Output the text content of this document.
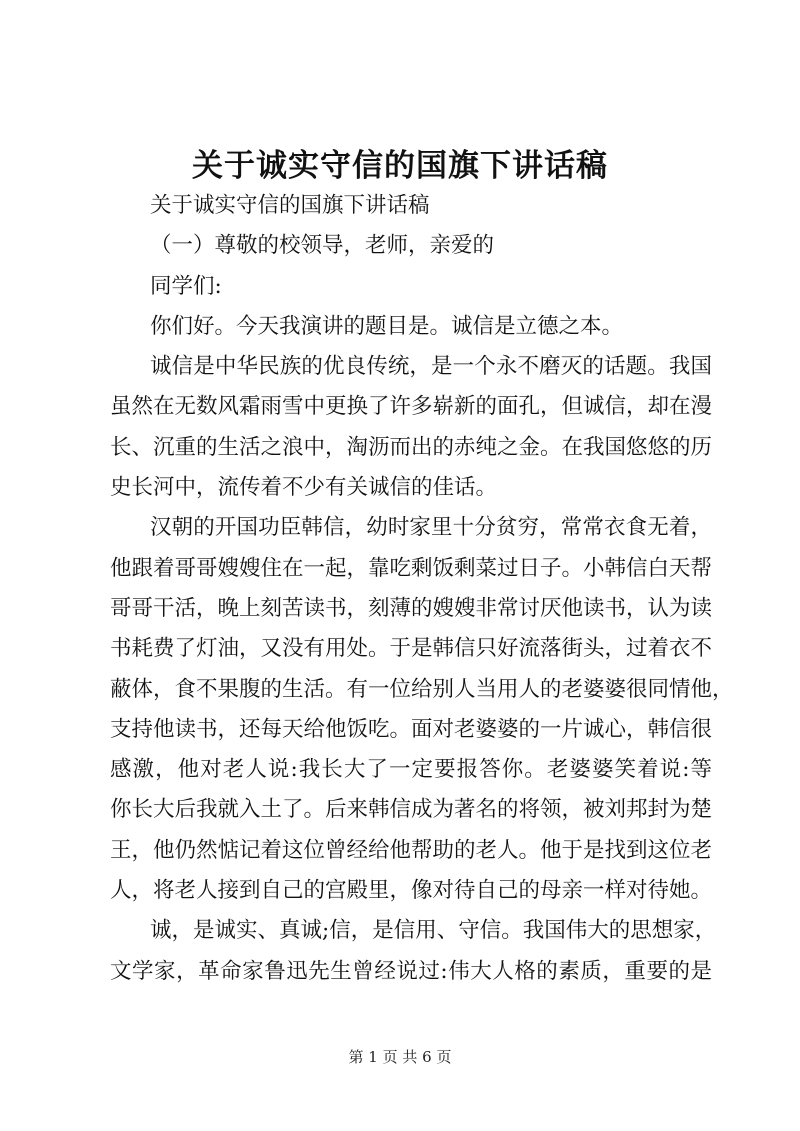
关于诚实守信的国旗下讲话稿
关于诚实守信的国旗下讲话稿
（一）尊敬的校领导，老师，亲爱的
同学们:
你们好。今天我演讲的题目是。诚信是立德之本。
诚信是中华民族的优良传统，是一个永不磨灭的话题。我国
虽然在无数风霜雨雪中更换了许多崭新的面孔，但诚信，却在漫
长、沉重的生活之浪中，淘沥而出的赤纯之金。在我国悠悠的历
史长河中，流传着不少有关诚信的佳话。
汉朝的开国功臣韩信，幼时家里十分贫穷，常常衣食无着，
他跟着哥哥嫂嫂住在一起，靠吃剩饭剩菜过日子。小韩信白天帮
哥哥干活，晚上刻苦读书，刻薄的嫂嫂非常讨厌他读书，认为读
书耗费了灯油，又没有用处。于是韩信只好流落街头，过着衣不
蔽体，食不果腹的生活。有一位给别人当用人的老婆婆很同情他，
支持他读书，还每天给他饭吃。面对老婆婆的一片诚心，韩信很
感激，他对老人说:我长大了一定要报答你。老婆婆笑着说:等
你长大后我就入土了。后来韩信成为著名的将领，被刘邦封为楚
王，他仍然惦记着这位曾经给他帮助的老人。他于是找到这位老
人，将老人接到自己的宫殿里，像对待自己的母亲一样对待她。
诚，是诚实、真诚;信，是信用、守信。我国伟大的思想家，
文学家，革命家鲁迅先生曾经说过:伟大人格的素质，重要的是
第 1 页 共 6 页
